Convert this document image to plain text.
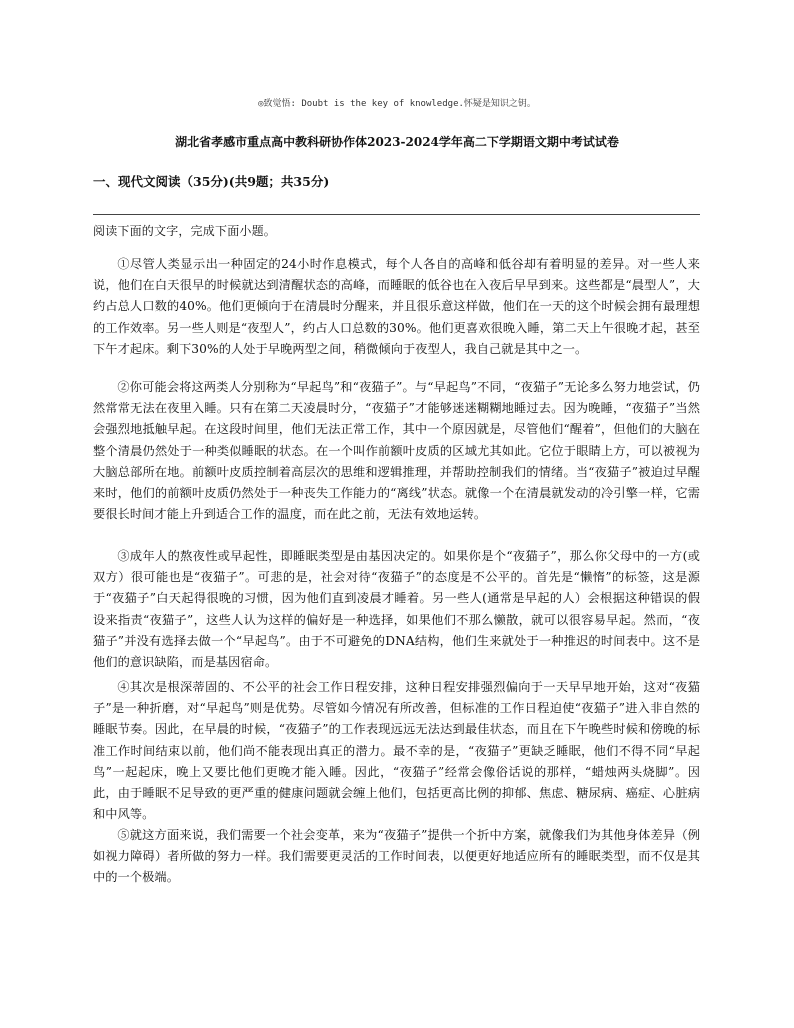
◎致觉悟: Doubt is the key of knowledge.怀疑是知识之钥。
湖北省孝感市重点高中教科研协作体2023-2024学年高二下学期语文期中考试试卷
一、现代文阅读（35分)(共9题；共35分)
阅读下面的文字，完成下面小题。
①尽管人类显示出一种固定的24小时作息模式，每个人各自的高峰和低谷却有着明显的差异。对一些人来说，他们在白天很早的时候就达到清醒状态的高峰，而睡眠的低谷也在入夜后早早到来。这些都是“晨型人”，大约占总人口数的40%。他们更倾向于在清晨时分醒来，并且很乐意这样做，他们在一天的这个时候会拥有最理想的工作效率。另一些人则是“夜型人”，约占人口总数的30%。他们更喜欢很晚入睡，第二天上午很晚才起，甚至下午才起床。剩下30%的人处于早晚两型之间，稍微倾向于夜型人，我自己就是其中之一。
②你可能会将这两类人分别称为“早起鸟”和“夜猫子”。与“早起鸟”不同，“夜猫子”无论多么努力地尝试，仍然常常无法在夜里入睡。只有在第二天凌晨时分，“夜猫子”才能够迷迷糊糊地睡过去。因为晚睡，“夜猫子”当然会强烈地抵触早起。在这段时间里，他们无法正常工作，其中一个原因就是，尽管他们“醒着”，但他们的大脑在整个清晨仍然处于一种类似睡眠的状态。在一个叫作前额叶皮质的区域尤其如此。它位于眼睛上方，可以被视为大脑总部所在地。前额叶皮质控制着高层次的思维和逻辑推理，并帮助控制我们的情绪。当“夜猫子”被迫过早醒来时，他们的前额叶皮质仍然处于一种丧失工作能力的“离线”状态。就像一个在清晨就发动的冷引擎一样，它需要很长时间才能上升到适合工作的温度，而在此之前，无法有效地运转。
③成年人的熬夜性或早起性，即睡眠类型是由基因决定的。如果你是个“夜猫子”，那么你父母中的一方(或双方）很可能也是“夜猫子”。可悲的是，社会对待“夜猫子”的态度是不公平的。首先是“懒惰”的标签，这是源于“夜猫子”白天起得很晚的习惯，因为他们直到凌晨才睡着。另一些人(通常是早起的人）会根据这种错误的假设来指责“夜猫子”，这些人认为这样的偏好是一种选择，如果他们不那么懒散，就可以很容易早起。然而，“夜猫子”并没有选择去做一个“早起鸟”。由于不可避免的DNA结构，他们生来就处于一种推迟的时间表中。这不是他们的意识缺陷，而是基因宿命。
④其次是根深蒂固的、不公平的社会工作日程安排，这种日程安排强烈偏向于一天早早地开始，这对“夜猫子”是一种折磨，对“早起鸟”则是优势。尽管如今情况有所改善，但标准的工作日程迫使“夜猫子”进入非自然的睡眠节奏。因此，在早晨的时候，“夜猫子”的工作表现远远无法达到最佳状态，而且在下午晚些时候和傍晚的标准工作时间结束以前，他们尚不能表现出真正的潜力。最不幸的是，“夜猫子”更缺乏睡眠，他们不得不同“早起鸟”一起起床，晚上又要比他们更晚才能入睡。因此，“夜猫子”经常会像俗话说的那样，“蜡烛两头烧脚”。因此，由于睡眠不足导致的更严重的健康问题就会缠上他们，包括更高比例的抑郁、焦虑、糖尿病、癌症、心脏病和中风等。
⑤就这方面来说，我们需要一个社会变革，来为“夜猫子”提供一个折中方案，就像我们为其他身体差异（例如视力障碍）者所做的努力一样。我们需要更灵活的工作时间表，以便更好地适应所有的睡眠类型，而不仅是其中的一个极端。
